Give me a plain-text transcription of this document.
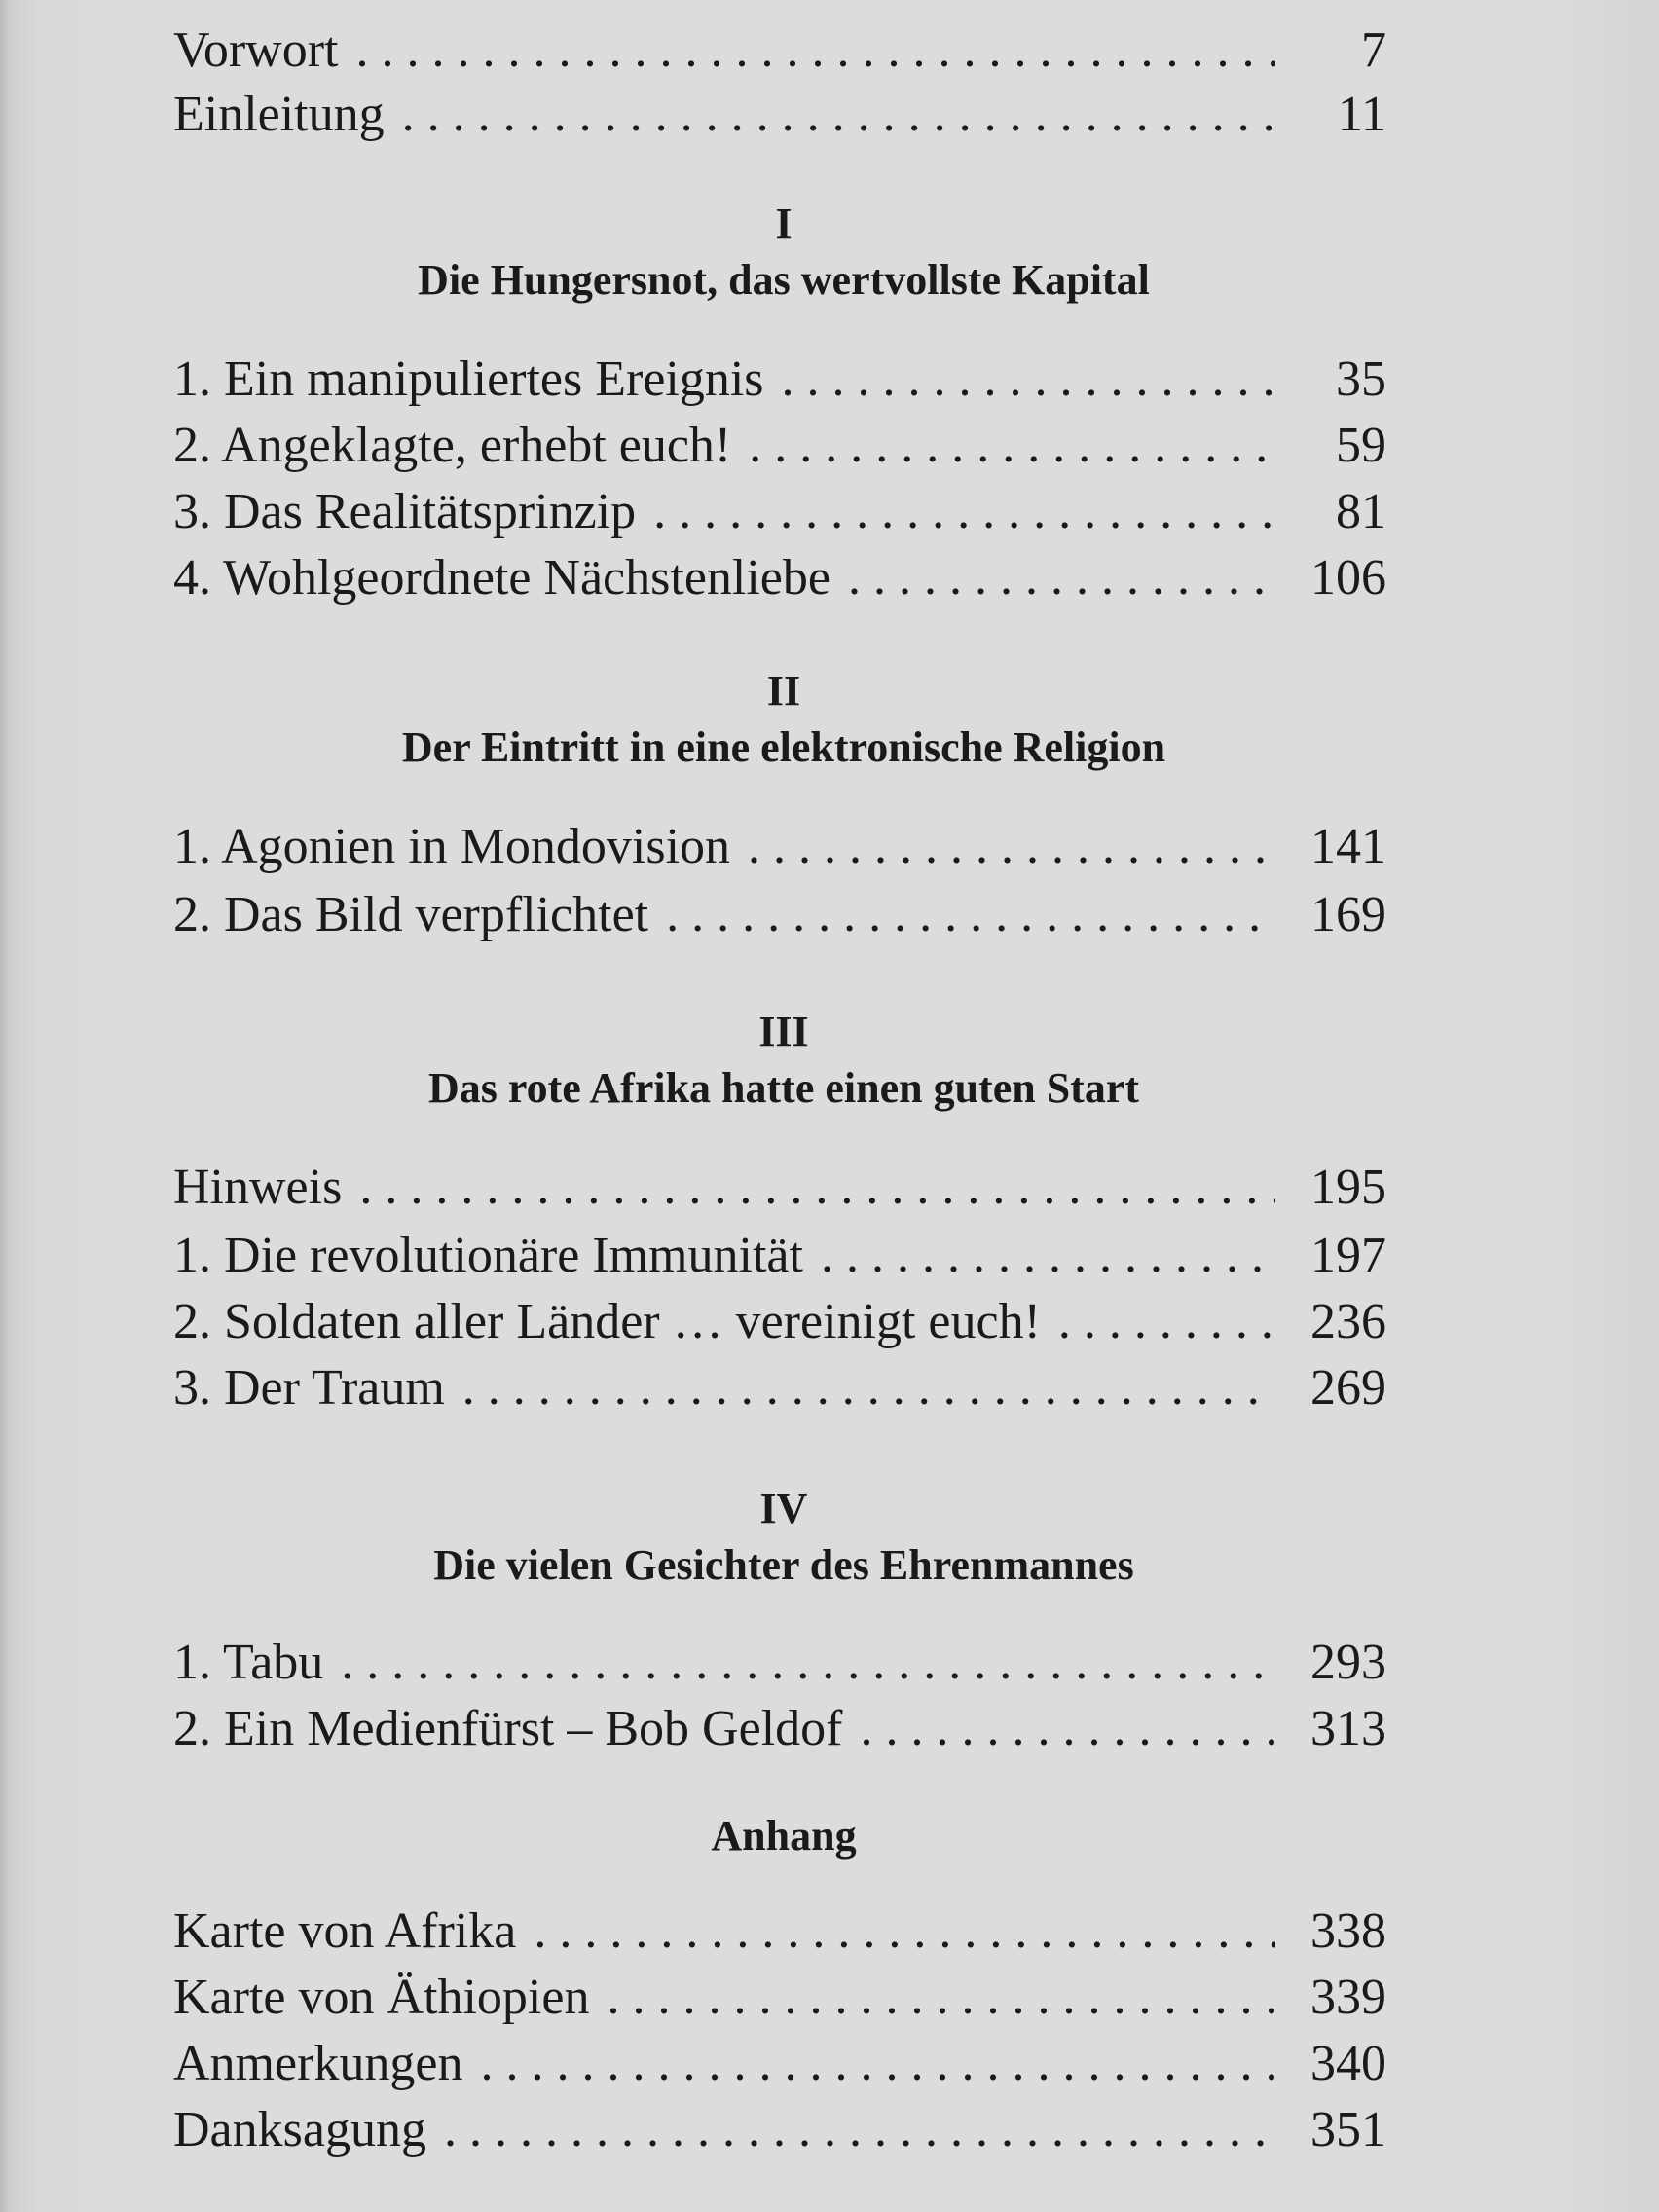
Vorwort . . .	7
Einleitung . . .	11
I
Die Hungersnot, das wertvollste Kapital
1. Ein manipuliertes Ereignis . . .	35
2. Angeklagte, erhebt euch! . . .	59
3. Das Realitätsprinzip . . .	81
4. Wohlgeordnete Nächstenliebe . . .	106
II
Der Eintritt in eine elektronische Religion
1. Agonien in Mondovision . . .	141
2. Das Bild verpflichtet . . .	169
III
Das rote Afrika hatte einen guten Start
Hinweis . . .	195
1. Die revolutionäre Immunität . . .	197
2. Soldaten aller Länder … vereinigt euch! . . .	236
3. Der Traum . . .	269
IV
Die vielen Gesichter des Ehrenmannes
1. Tabu . . .	293
2. Ein Medienfürst – Bob Geldof . . .	313
Anhang
Karte von Afrika . . .	338
Karte von Äthiopien . . .	339
Anmerkungen . . .	340
Danksagung . . .	351
